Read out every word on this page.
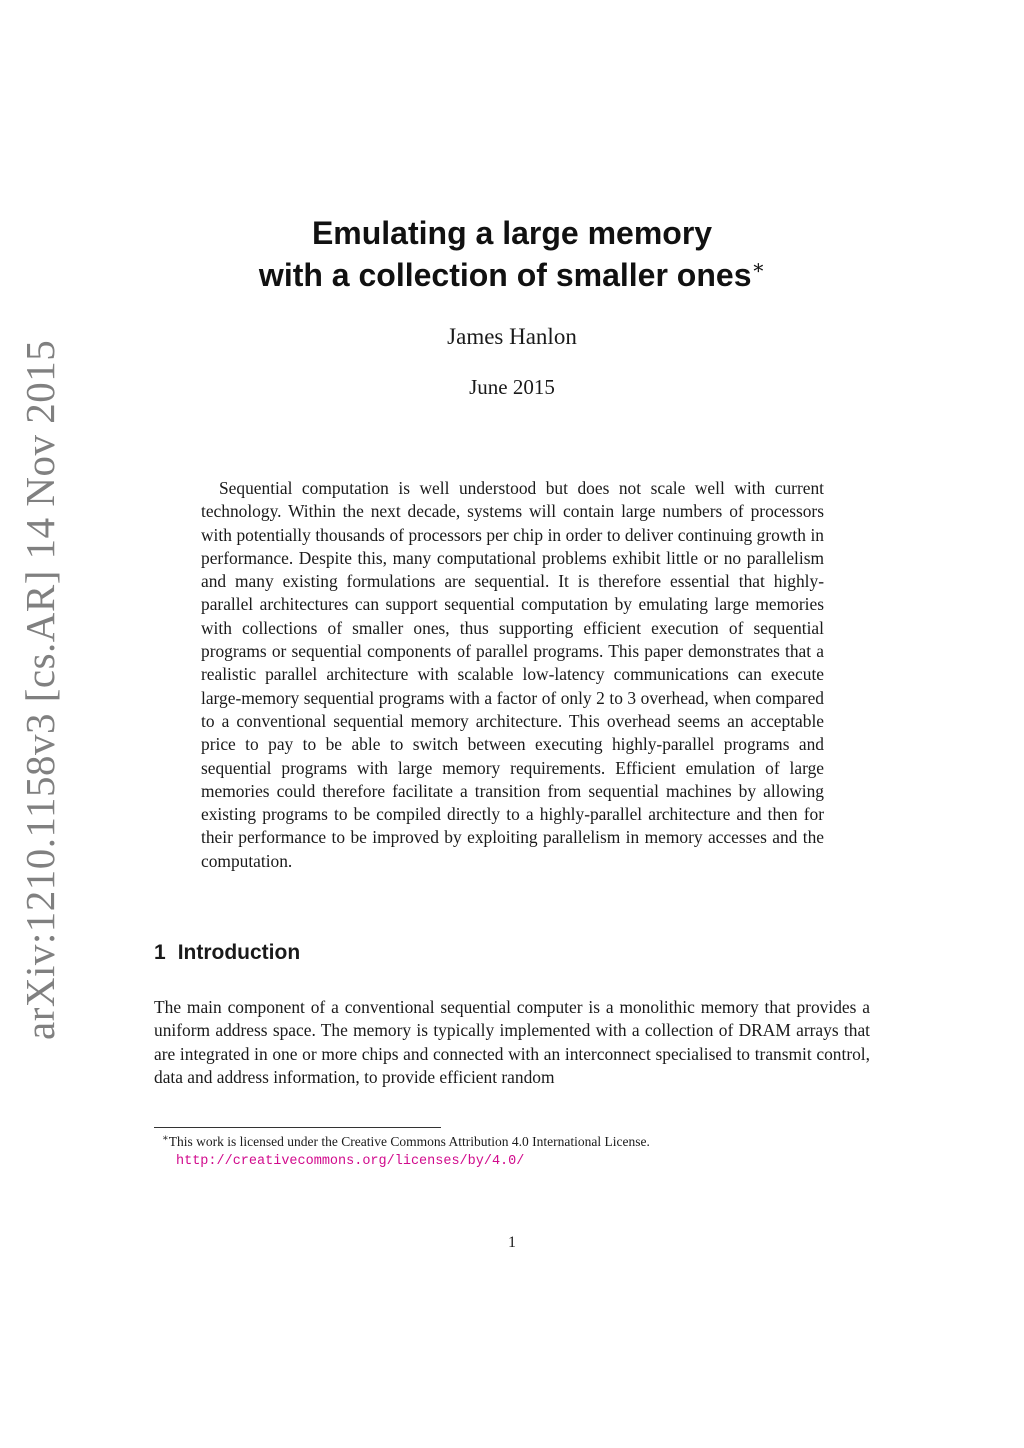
arXiv:1210.1158v3 [cs.AR] 14 Nov 2015
Emulating a large memory
with a collection of smaller ones∗
James Hanlon
June 2015

Sequential computation is well understood but does not scale well with current technology. Within the next decade, systems will contain large numbers of processors with potentially thousands of processors per chip in order to deliver continuing growth in performance. Despite this, many computational problems exhibit little or no parallelism and many existing formulations are sequential. It is therefore essential that highly-parallel architectures can support sequential computation by emulating large memories with collections of smaller ones, thus supporting efficient execution of sequential programs or sequential components of parallel programs. This paper demonstrates that a realistic parallel architecture with scalable low-latency communications can execute large-memory sequential programs with a factor of only 2 to 3 overhead, when compared to a conventional sequential memory architecture. This overhead seems an acceptable price to pay to be able to switch between executing highly-parallel programs and sequential programs with large memory requirements. Efficient emulation of large memories could therefore facilitate a transition from sequential machines by allowing existing programs to be compiled directly to a highly-parallel architecture and then for their performance to be improved by exploiting parallelism in memory accesses and the computation.

1 Introduction

The main component of a conventional sequential computer is a monolithic memory that provides a uniform address space. The memory is typically implemented with a collection of DRAM arrays that are integrated in one or more chips and connected with an interconnect specialised to transmit control, data and address information, to provide efficient random

∗This work is licensed under the Creative Commons Attribution 4.0 International License.
http://creativecommons.org/licenses/by/4.0/
1
